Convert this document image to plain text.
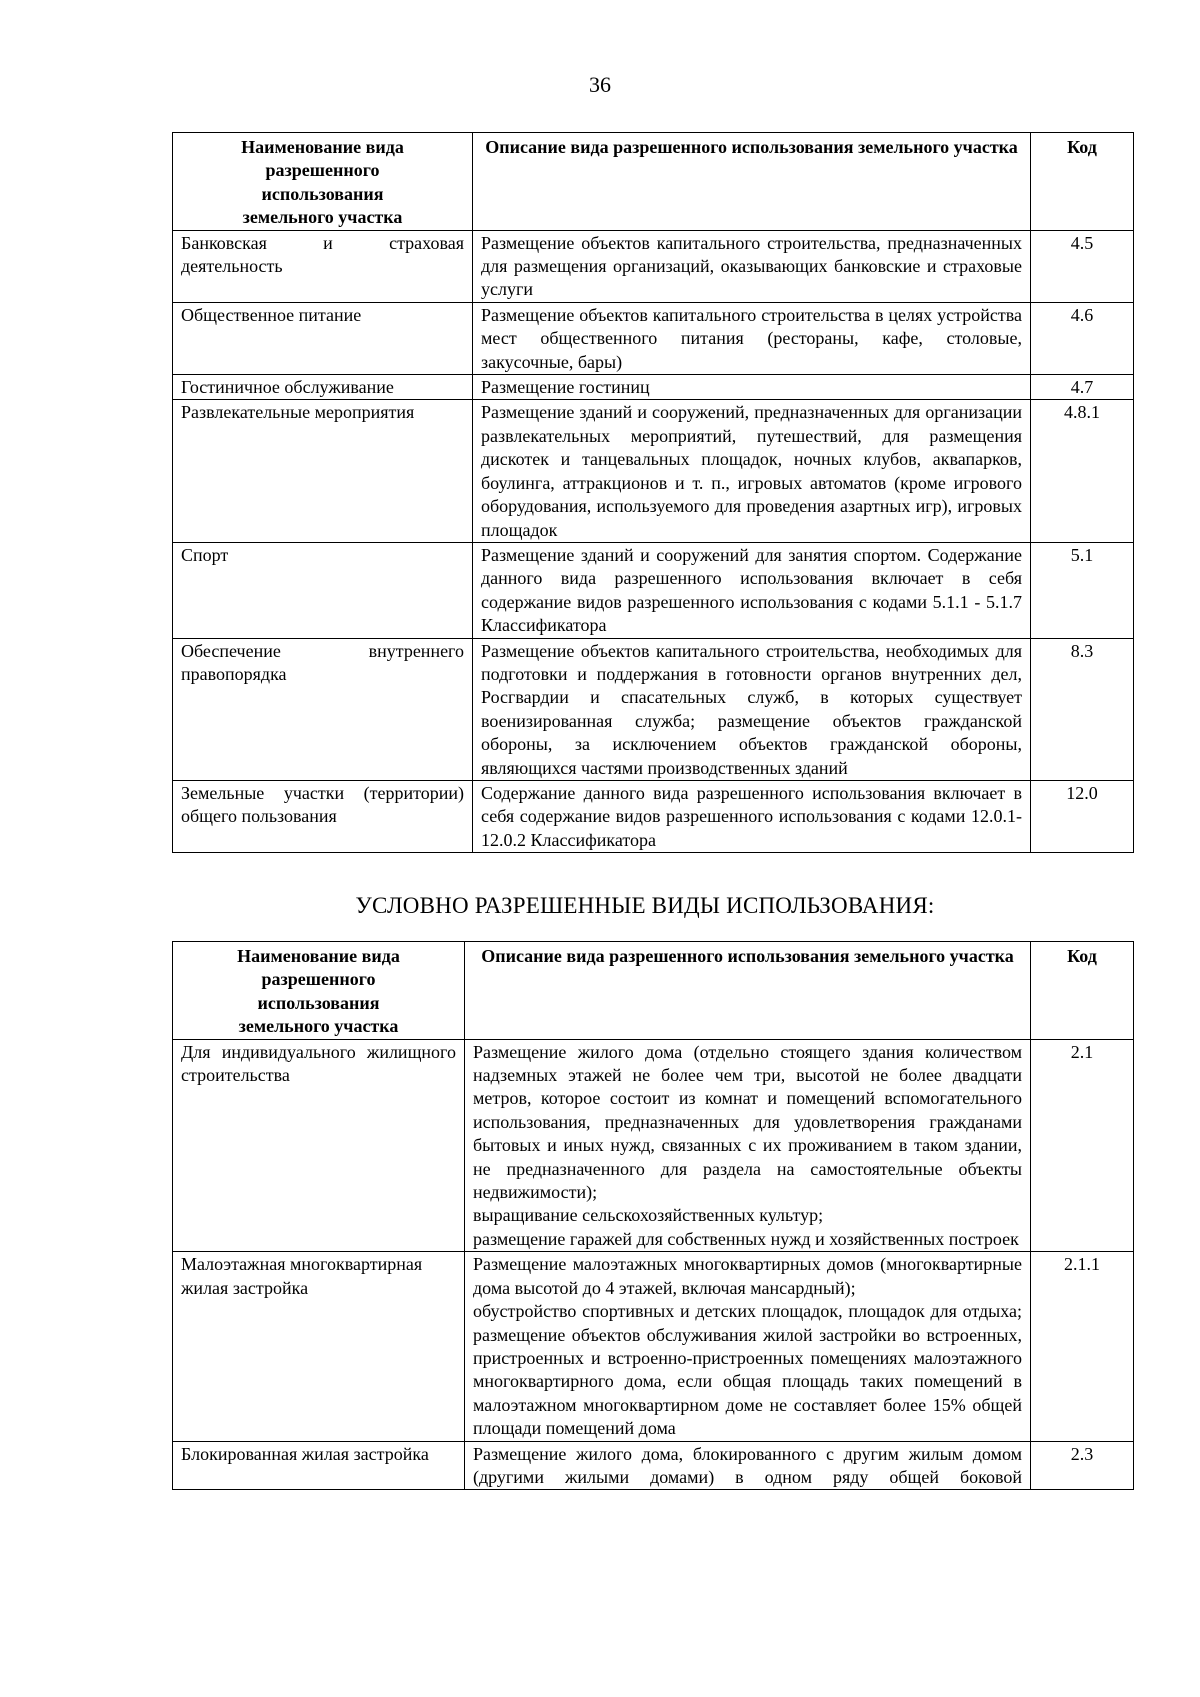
36
Наименование вида разрешенного использования земельного участка	Описание вида разрешенного использования земельного участка	Код
Банковская и страховая деятельность	Размещение объектов капитального строительства, предназначенных для размещения организаций, оказывающих банковские и страховые услуги	4.5
Общественное питание	Размещение объектов капитального строительства в целях устройства мест общественного питания (рестораны, кафе, столовые, закусочные, бары)	4.6
Гостиничное обслуживание	Размещение гостиниц	4.7
Развлекательные мероприятия	Размещение зданий и сооружений, предназначенных для организации развлекательных мероприятий, путешествий, для размещения дискотек и танцевальных площадок, ночных клубов, аквапарков, боулинга, аттракционов и т. п., игровых автоматов (кроме игрового оборудования, используемого для проведения азартных игр), игровых площадок	4.8.1
Спорт	Размещение зданий и сооружений для занятия спортом. Содержание данного вида разрешенного использования включает в себя содержание видов разрешенного использования с кодами 5.1.1 - 5.1.7 Классификатора	5.1
Обеспечение внутреннего правопорядка	Размещение объектов капитального строительства, необходимых для подготовки и поддержания в готовности органов внутренних дел, Росгвардии и спасательных служб, в которых существует военизированная служба; размещение объектов гражданской обороны, за исключением объектов гражданской обороны, являющихся частями производственных зданий	8.3
Земельные участки (территории) общего пользования	Содержание данного вида разрешенного использования включает в себя содержание видов разрешенного использования с кодами 12.0.1-12.0.2 Классификатора	12.0
УСЛОВНО РАЗРЕШЕННЫЕ ВИДЫ ИСПОЛЬЗОВАНИЯ:
Наименование вида разрешенного использования земельного участка	Описание вида разрешенного использования земельного участка	Код
Для индивидуального жилищного строительства	Размещение жилого дома (отдельно стоящего здания количеством надземных этажей не более чем три, высотой не более двадцати метров, которое состоит из комнат и помещений вспомогательного использования, предназначенных для удовлетворения гражданами бытовых и иных нужд, связанных с их проживанием в таком здании, не предназначенного для раздела на самостоятельные объекты недвижимости);
выращивание сельскохозяйственных культур;
размещение гаражей для собственных нужд и хозяйственных построек	2.1
Малоэтажная многоквартирная жилая застройка	Размещение малоэтажных многоквартирных домов (многоквартирные дома высотой до 4 этажей, включая мансардный);
обустройство спортивных и детских площадок, площадок для отдыха; размещение объектов обслуживания жилой застройки во встроенных, пристроенных и встроенно-пристроенных помещениях малоэтажного многоквартирного дома, если общая площадь таких помещений в малоэтажном многоквартирном доме не составляет более 15% общей площади помещений дома	2.1.1
Блокированная жилая застройка	Размещение жилого дома, блокированного с другим жилым домом (другими жилыми домами) в одном ряду общей боковой	2.3
